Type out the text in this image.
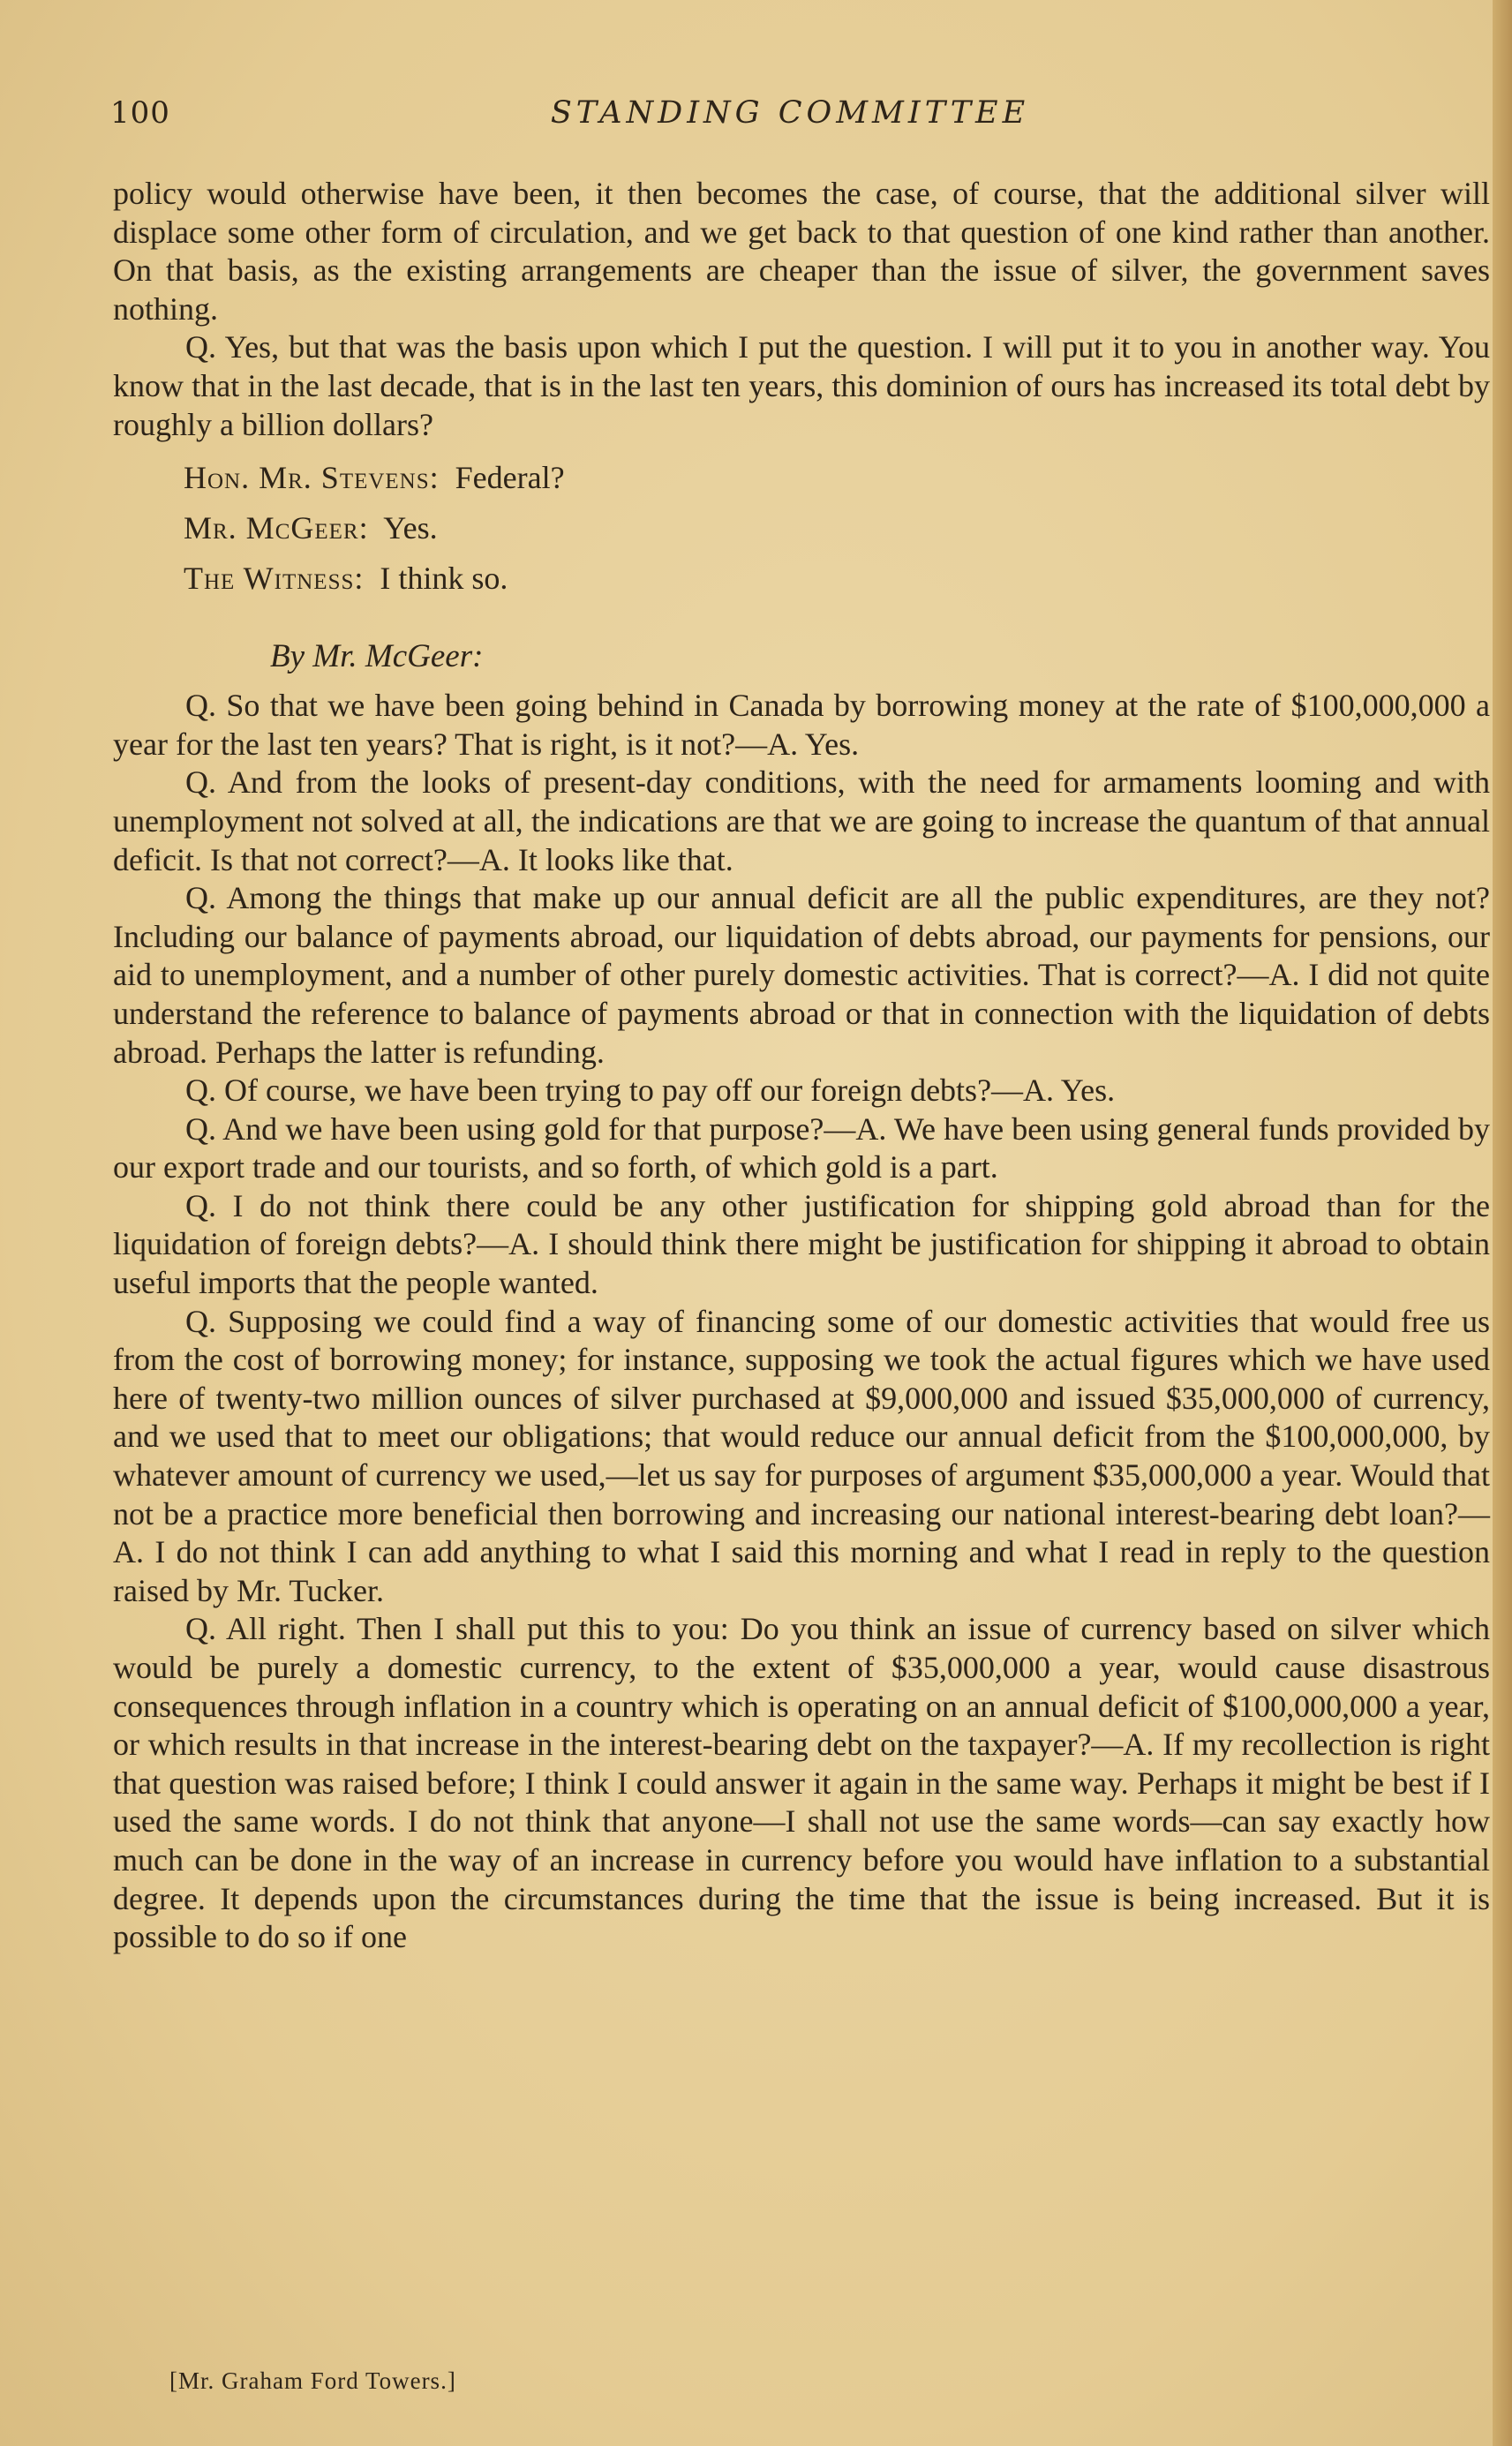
100	STANDING COMMITTEE

policy would otherwise have been, it then becomes the case, of course, that the additional silver will displace some other form of circulation, and we get back to that question of one kind rather than another. On that basis, as the existing arrangements are cheaper than the issue of silver, the government saves nothing.

Q. Yes, but that was the basis upon which I put the question. I will put it to you in another way. You know that in the last decade, that is in the last ten years, this dominion of ours has increased its total debt by roughly a billion dollars?

Hon. Mr. Stevens: Federal?
Mr. McGeer: Yes.
The Witness: I think so.

By Mr. McGeer:

Q. So that we have been going behind in Canada by borrowing money at the rate of $100,000,000 a year for the last ten years? That is right, is it not?—A. Yes.

Q. And from the looks of present-day conditions, with the need for armaments looming and with unemployment not solved at all, the indications are that we are going to increase the quantum of that annual deficit. Is that not correct?—A. It looks like that.

Q. Among the things that make up our annual deficit are all the public expenditures, are they not? Including our balance of payments abroad, our liquidation of debts abroad, our payments for pensions, our aid to unemployment, and a number of other purely domestic activities. That is correct?—A. I did not quite understand the reference to balance of payments abroad or that in connection with the liquidation of debts abroad. Perhaps the latter is refunding.

Q. Of course, we have been trying to pay off our foreign debts?—A. Yes.

Q. And we have been using gold for that purpose?—A. We have been using general funds provided by our export trade and our tourists, and so forth, of which gold is a part.

Q. I do not think there could be any other justification for shipping gold abroad than for the liquidation of foreign debts?—A. I should think there might be justification for shipping it abroad to obtain useful imports that the people wanted.

Q. Supposing we could find a way of financing some of our domestic activities that would free us from the cost of borrowing money; for instance, supposing we took the actual figures which we have used here of twenty-two million ounces of silver purchased at $9,000,000 and issued $35,000,000 of currency, and we used that to meet our obligations; that would reduce our annual deficit from the $100,000,000, by whatever amount of currency we used,—let us say for purposes of argument $35,000,000 a year. Would that not be a practice more beneficial then borrowing and increasing our national interest-bearing debt loan?—A. I do not think I can add anything to what I said this morning and what I read in reply to the question raised by Mr. Tucker.

Q. All right. Then I shall put this to you: Do you think an issue of currency based on silver which would be purely a domestic currency, to the extent of $35,000,000 a year, would cause disastrous consequences through inflation in a country which is operating on an annual deficit of $100,000,000 a year, or which results in that increase in the interest-bearing debt on the taxpayer?—A. If my recollection is right that question was raised before; I think I could answer it again in the same way. Perhaps it might be best if I used the same words. I do not think that anyone—I shall not use the same words—can say exactly how much can be done in the way of an increase in currency before you would have inflation to a substantial degree. It depends upon the circumstances during the time that the issue is being increased. But it is possible to do so if one

[Mr. Graham Ford Towers.]
